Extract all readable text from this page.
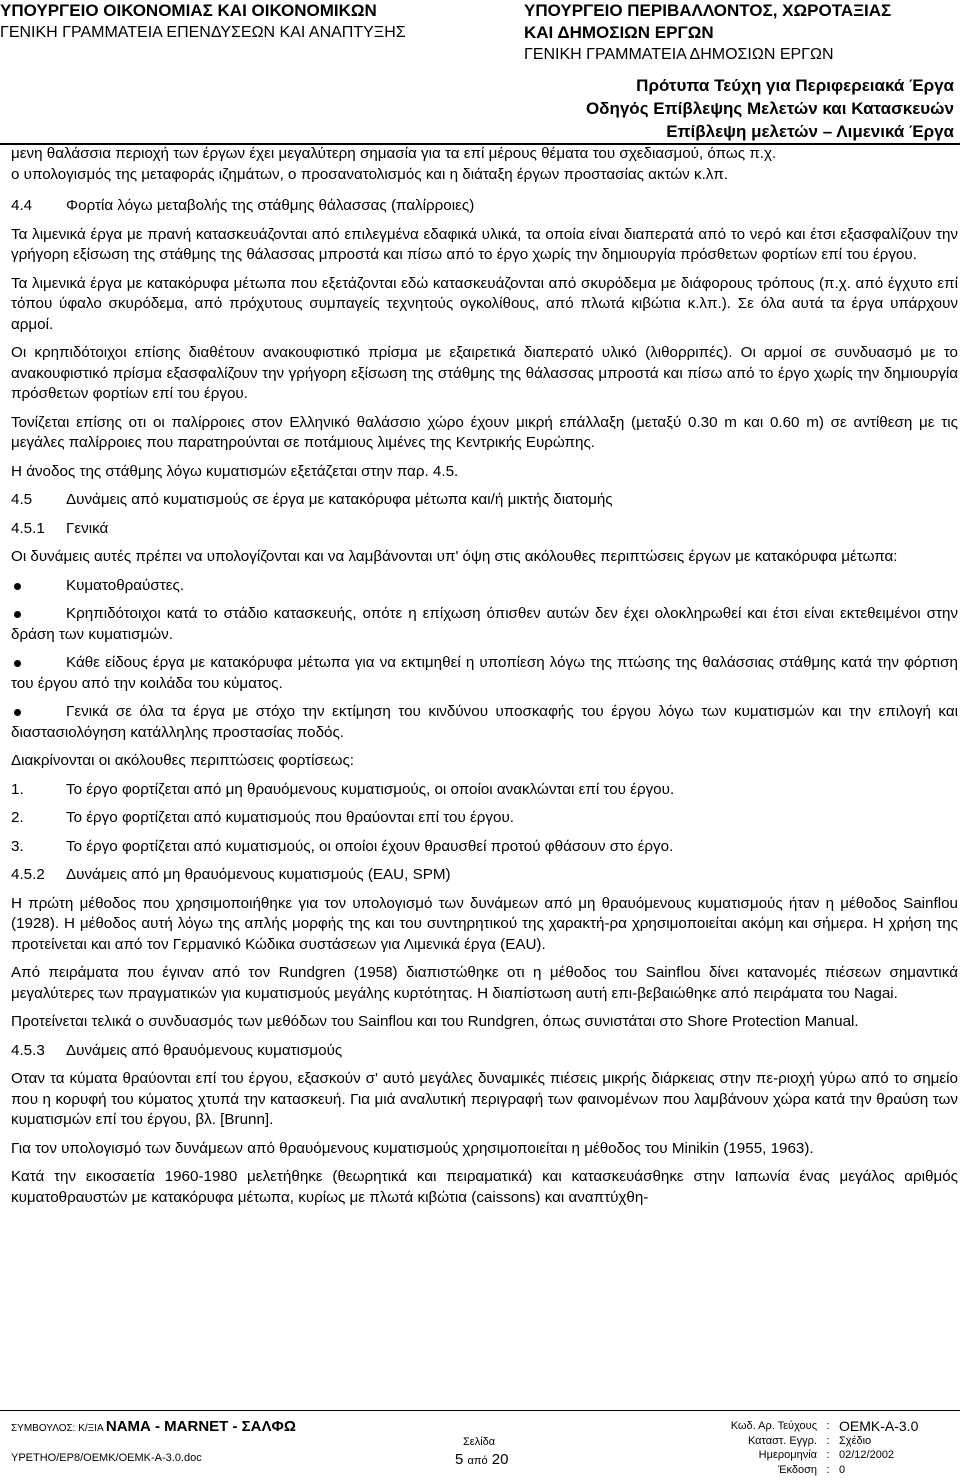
ΥΠΟΥΡΓΕΙΟ ΟΙΚΟΝΟΜΙΑΣ ΚΑΙ ΟΙΚΟΝΟΜΙΚΩΝ
ΓΕΝΙΚΗ ΓΡΑΜΜΑΤΕΙΑ ΕΠΕΝΔΥΣΕΩΝ ΚΑΙ ΑΝΑΠΤΥΞΗΣ
ΥΠΟΥΡΓΕΙΟ ΠΕΡΙΒΑΛΛΟΝΤΟΣ, ΧΩΡΟΤΑΞΙΑΣ
ΚΑΙ ΔΗΜΟΣΙΩΝ ΕΡΓΩΝ
ΓΕΝΙΚΗ ΓΡΑΜΜΑΤΕΙΑ ΔΗΜΟΣΙΩΝ ΕΡΓΩΝ
Πρότυπα Τεύχη για Περιφερειακά Έργα
Οδηγός Επίβλεψης Μελετών και Κατασκευών
Επίβλεψη μελετών – Λιμενικά Έργα

μενη θαλάσσια περιοχή των έργων έχει μεγαλύτερη σημασία για τα επί μέρους θέματα του σχεδιασμού, όπως π.χ.

ο υπολογισμός της μεταφοράς ιζημάτων, ο προσανατολισμός και η διάταξη έργων προστασίας ακτών κ.λπ.

4.4	Φορτία λόγω μεταβολής της στάθμης θάλασσας (παλίρροιες)

Τα λιμενικά έργα με πρανή κατασκευάζονται από επιλεγμένα εδαφικά υλικά, τα οποία είναι διαπερατά από το νερό και έτσι εξασφαλίζουν την γρήγορη εξίσωση της στάθμης της θάλασσας μπροστά και πίσω από το έργο χωρίς την δημιουργία πρόσθετων φορτίων επί του έργου.

Τα λιμενικά έργα με κατακόρυφα μέτωπα που εξετάζονται εδώ κατασκευάζονται από σκυρόδεμα με διάφορους τρόπους (π.χ. από έγχυτο επί τόπου ύφαλο σκυρόδεμα, από πρόχυτους συμπαγείς τεχνητούς ογκολίθους, από πλωτά κιβώτια κ.λπ.). Σε όλα αυτά τα έργα υπάρχουν αρμοί.

Οι κρηπιδότοιχοι επίσης διαθέτουν ανακουφιστικό πρίσμα με εξαιρετικά διαπερατό υλικό (λιθορριπές). Οι αρμοί σε συνδυασμό με το ανακουφιστικό πρίσμα εξασφαλίζουν την γρήγορη εξίσωση της στάθμης της θάλασσας μπροστά και πίσω από το έργο χωρίς την δημιουργία πρόσθετων φορτίων επί του έργου.

Τονίζεται επίσης οτι οι παλίρροιες στον Ελληνικό θαλάσσιο χώρο έχουν μικρή επάλλαξη (μεταξύ 0.30 m και 0.60 m) σε αντίθεση με τις μεγάλες παλίρροιες που παρατηρούνται σε ποτάμιους λιμένες της Κεντρικής Ευρώπης.

Η άνοδος της στάθμης λόγω κυματισμών εξετάζεται στην παρ. 4.5.

4.5	Δυνάμεις από κυματισμούς σε έργα με κατακόρυφα μέτωπα και/ή μικτής διατομής
4.5.1	Γενικά

Οι δυνάμεις αυτές πρέπει να υπολογίζονται και να λαμβάνονται υπ' όψη στις ακόλουθες περιπτώσεις έργων με κατακόρυφα μέτωπα:

Κυματοθραύστες.

Κρηπιδότοιχοι κατά το στάδιο κατασκευής, οπότε η επίχωση όπισθεν αυτών δεν έχει ολοκληρωθεί και έτσι είναι εκτεθειμένοι στην δράση των κυματισμών.

Κάθε είδους έργα με κατακόρυφα μέτωπα για να εκτιμηθεί η υποπίεση λόγω της πτώσης της θαλάσσιας στάθμης κατά την φόρτιση του έργου από την κοιλάδα του κύματος.

Γενικά σε όλα τα έργα με στόχο την εκτίμηση του κινδύνου υποσκαφής του έργου λόγω των κυματισμών και την επιλογή και διαστασιολόγηση κατάλληλης προστασίας ποδός.

Διακρίνονται οι ακόλουθες περιπτώσεις φορτίσεως:

1.	Το έργο φορτίζεται από μη θραυόμενους κυματισμούς, οι οποίοι ανακλώνται επί του έργου.
2.	Το έργο φορτίζεται από κυματισμούς που θραύονται επί του έργου.
3.	Το έργο φορτίζεται από κυματισμούς, οι οποίοι έχουν θραυσθεί προτού φθάσουν στο έργο.
4.5.2	Δυνάμεις από μη θραυόμενους κυματισμούς (EAU, SPM)

Η πρώτη μέθοδος που χρησιμοποιήθηκε για τον υπολογισμό των δυνάμεων από μη θραυόμενους κυματισμούς ήταν η μέθοδος Sainflou (1928). Η μέθοδος αυτή λόγω της απλής μορφής της και του συντηρητικού της χαρακτή-ρα χρησιμοποιείται ακόμη και σήμερα. Η χρήση της προτείνεται και από τον Γερμανικό Κώδικα συστάσεων για Λιμενικά έργα (EAU).

Από πειράματα που έγιναν από τον Rundgren (1958) διαπιστώθηκε οτι η μέθοδος του Sainflou δίνει κατανομές πιέσεων σημαντικά μεγαλύτερες των πραγματικών για κυματισμούς μεγάλης κυρτότητας. Η διαπίστωση αυτή επι-βεβαιώθηκε από πειράματα του Nagai.

Προτείνεται τελικά ο συνδυασμός των μεθόδων του Sainflou και του Rundgren, όπως συνιστάται στο Shore Protection Manual.

4.5.3	Δυνάμεις από θραυόμενους κυματισμούς

Οταν τα κύματα θραύονται επί του έργου, εξασκούν σ' αυτό μεγάλες δυναμικές πιέσεις μικρής διάρκειας στην πε-ριοχή γύρω από το σημείο που η κορυφή του κύματος χτυπά την κατασκευή. Για μιά αναλυτική περιγραφή των φαινομένων που λαμβάνουν χώρα κατά την θραύση των κυματισμών επί του έργου, βλ. [Brunn].

Για τον υπολογισμό των δυνάμεων από θραυόμενους κυματισμούς χρησιμοποιείται η μέθοδος του Minikin (1955, 1963).

Κατά την εικοσαετία 1960-1980 μελετήθηκε (θεωρητικά και πειραματικά) και κατασκευάσθηκε στην Ιαπωνία ένας μεγάλος αριθμός κυματοθραυστών με κατακόρυφα μέτωπα, κυρίως με πλωτά κιβώτια (caissons) και αναπτύχθη-

ΣΥΜΒΟΥΛΟΣ: Κ/ΞΙΑ ΝΑΜΑ - MARNET - ΣΑΛΦΩ
ΥΡΕΤΗΟ/ΕΡ8/ΟΕΜΚ/ΟΕΜΚ-Α-3.0.doc
Σελίδα
5 από 20
Κωδ. Αρ. Τεύχους : ΟΕΜΚ-Α-3.0
Καταστ. Εγγρ. : Σχέδιο
Ημερομηνία : 02/12/2002
Έκδοση : 0
